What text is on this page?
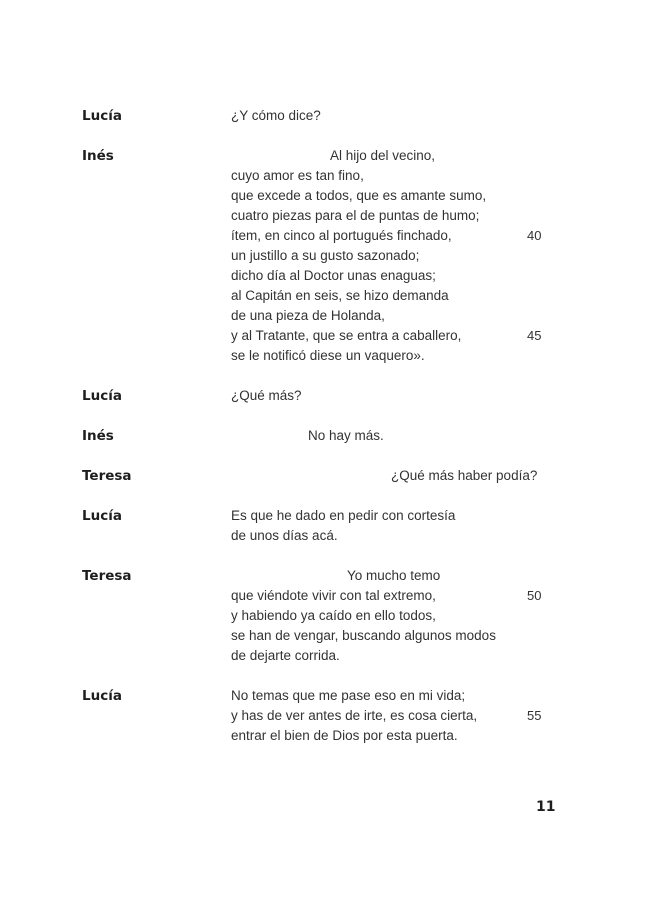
Lucía	¿Y cómo dice?
Inés	Al hijo del vecino,
cuyo amor es tan fino,
que excede a todos, que es amante sumo,
cuatro piezas para el de puntas de humo;
ítem, en cinco al portugués finchado,	40
un justillo a su gusto sazonado;
dicho día al Doctor unas enaguas;
al Capitán en seis, se hizo demanda
de una pieza de Holanda,
y al Tratante, que se entra a caballero,	45
se le notificó diese un vaquero».
Lucía	¿Qué más?
Inés	No hay más.
Teresa	¿Qué más haber podía?
Lucía	Es que he dado en pedir con cortesía
de unos días acá.
Teresa	Yo mucho temo
que viéndote vivir con tal extremo,	50
y habiendo ya caído en ello todos,
se han de vengar, buscando algunos modos
de dejarte corrida.
Lucía	No temas que me pase eso en mi vida;
y has de ver antes de irte, es cosa cierta,	55
entrar el bien de Dios por esta puerta.
11
